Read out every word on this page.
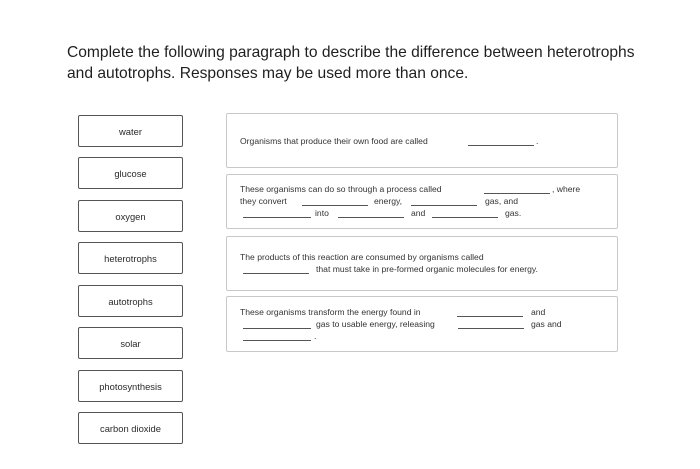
Complete the following paragraph to describe the difference between heterotrophs
and autotrophs. Responses may be used more than once.
water
glucose
oxygen
heterotrophs
autotrophs
solar
photosynthesis
carbon dioxide
Organisms that produce their own food are called	.
These organisms can do so through a process called	, where
they convert	energy,	gas, and
into	and	gas.
The products of this reaction are consumed by organisms called
that must take in pre-formed organic molecules for energy.
These organisms transform the energy found in	and
gas to usable energy, releasing	gas and
.
